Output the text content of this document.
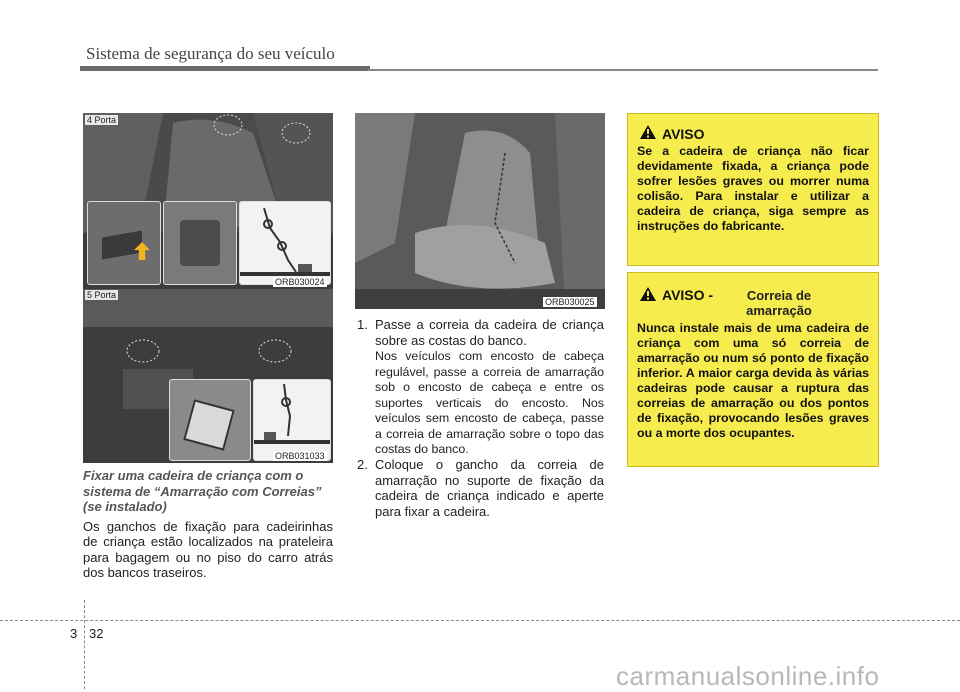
Sistema de segurança do seu veículo
4 Porta
ORB030024
5 Porta
ORB031033
ORB030025
Fixar uma cadeira de criança com o sistema de “Amarração com Correias” (se instalado)
Os ganchos de fixação para cadeirinhas de criança estão localizados na prateleira para bagagem ou no piso do carro atrás dos bancos traseiros.
1. Passe a correia da cadeira de criança sobre as costas do banco.
Nos veículos com encosto de cabeça regulável, passe a correia de amarração sob o encosto de cabeça e entre os suportes verticais do encosto. Nos veículos sem encosto de cabeça, passe a correia de amarração sobre o topo das costas do banco.
2. Coloque o gancho da correia de amarração no suporte de fixação da cadeira de criança indicado e aperte para fixar a cadeira.
AVISO
Se a cadeira de criança não ficar devidamente fixada, a criança pode sofrer lesões graves ou morrer numa colisão. Para instalar e utilizar a cadeira de criança, siga sempre as instruções do fabricante.
AVISO -	Correia de amarração
Nunca instale mais de uma cadeira de criança com uma só correia de amarração ou num só ponto de fixação inferior. A maior carga devida às várias cadeiras pode causar a ruptura das correias de amarração ou dos pontos de fixação, provocando lesões graves ou a morte dos ocupantes.
3 32
carmanualsonline.info
